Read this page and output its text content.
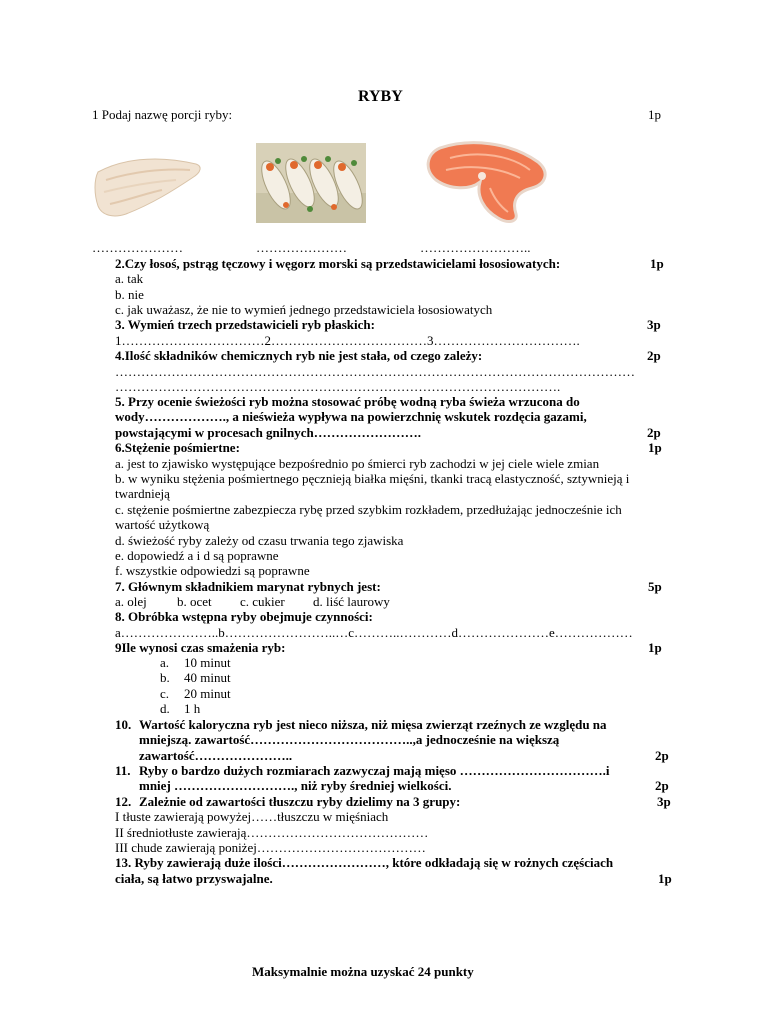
RYBY
1 Podaj nazwę porcji ryby:	1p
…………………	…………………	……………………..
2.Czy łosoś, pstrąg tęczowy i węgorz morski są przedstawicielami łososiowatych:	1p
a. tak
b. nie
c. jak uważasz, że nie to wymień jednego przedstawiciela łososiowatych
3. Wymień trzech przedstawicieli ryb płaskich:	3p
1……………………………2………………………………3…………………………….
4.Ilość składników chemicznych ryb nie jest stała, od czego zależy:	2p
…………………………………………………………………………………………………………
………………………………………………………………………………………….
5. Przy ocenie świeżości ryb można stosować próbę wodną ryba świeża wrzucona do
wody………………., a nieświeża wypływa na powierzchnię wskutek rozdęcia gazami,
powstającymi w procesach gnilnych…………………….	2p
6.Stężenie pośmiertne:	1p
a. jest to zjawisko występujące bezpośrednio po śmierci ryb zachodzi w jej ciele wiele zmian
b. w wyniku stężenia pośmiertnego pęcznieją białka mięśni, tkanki tracą elastyczność, sztywnieją i
twardnieją
c. stężenie pośmiertne zabezpiecza rybę przed szybkim rozkładem, przedłużając jednocześnie ich
wartość użytkową
d. świeżość ryby zależy od czasu trwania tego zjawiska
e. dopowiedź a i d są poprawne
f. wszystkie odpowiedzi są poprawne
7. Głównym składnikiem marynat rybnych jest:	5p
a. olej b. ocet c. cukier d. liść laurowy
8. Obróbka wstępna ryby obejmuje czynności:
a…………………..b……………………..…c………..…………d…………………e………………
9Ile wynosi czas smażenia ryb:	1p
a. 10 minut
b. 40 minut
c. 20 minut
d. 1 h
10. Wartość kaloryczna ryb jest nieco niższa, niż mięsa zwierząt rzeźnych ze względu na
mniejszą. zawartość………………………………..,a jednocześnie na większą
zawartość…………………..	2p
11. Ryby o bardzo dużych rozmiarach zazwyczaj mają mięso …………………………….i
mniej ………………………., niż ryby średniej wielkości.	2p
12. Zależnie od zawartości tłuszczu ryby dzielimy na 3 grupy:	3p
I tłuste zawierają powyżej……tłuszczu w mięśniach
II średniotłuste zawierają……………………………………
III chude zawierają poniżej…………………………………
13. Ryby zawierają duże ilości……………………, które odkładają się w rożnych częściach
ciała, są łatwo przyswajalne.	1p
Maksymalnie można uzyskać 24 punkty
